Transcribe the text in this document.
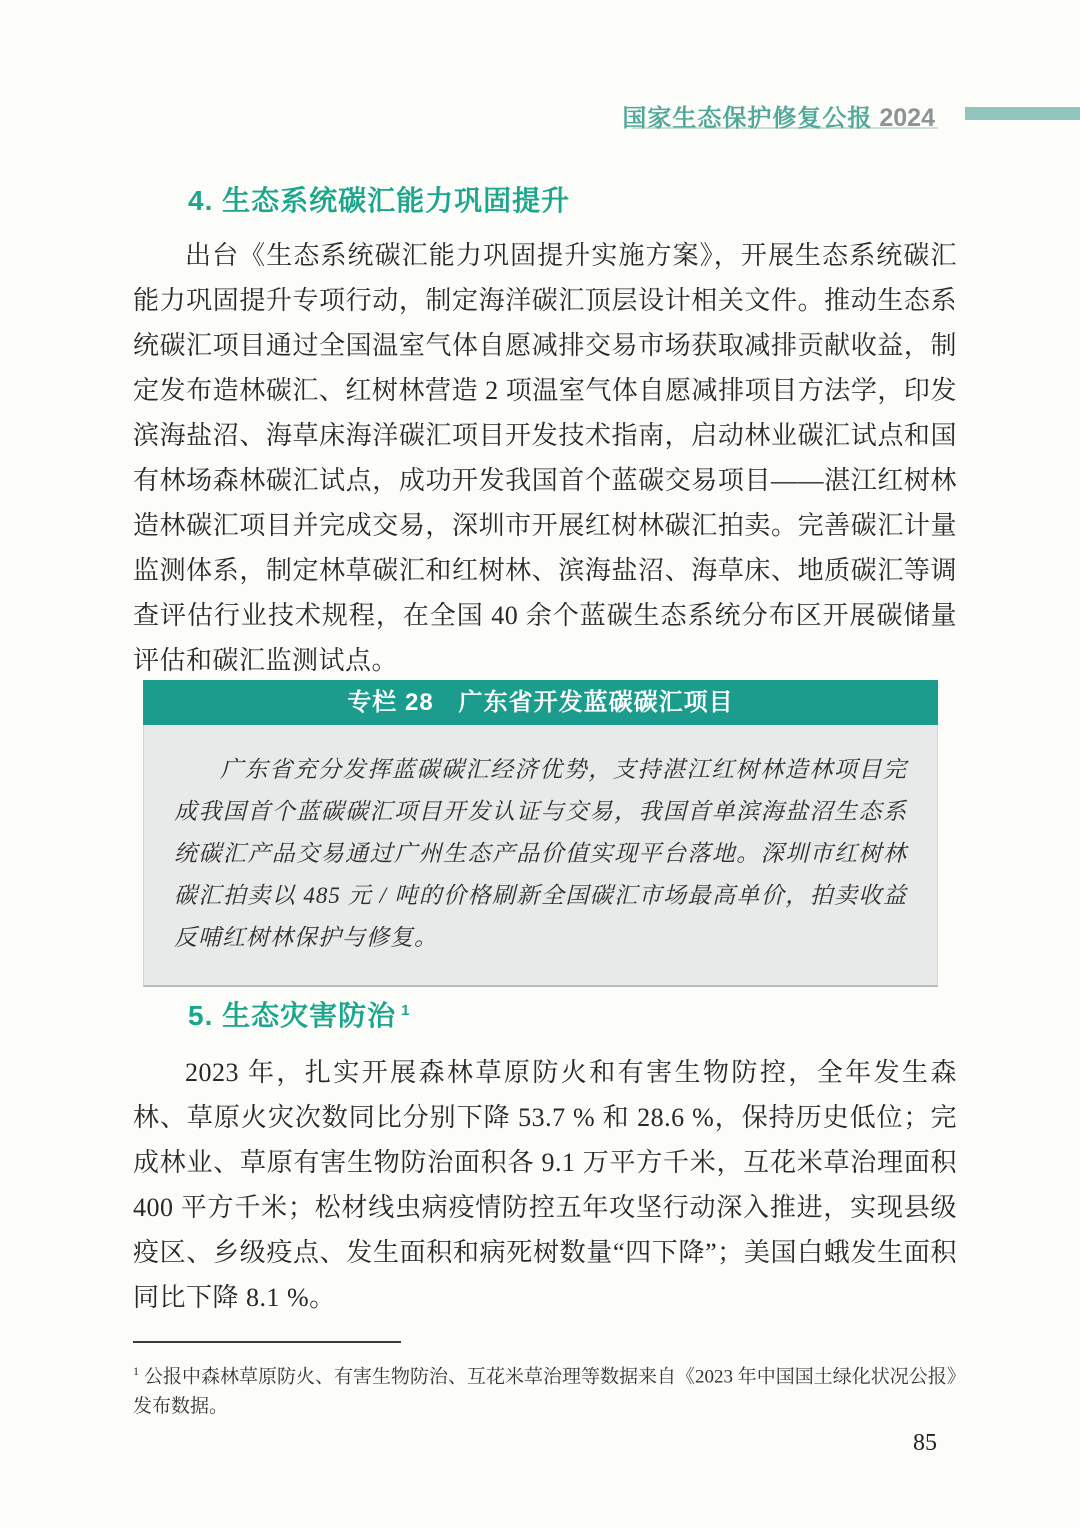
国家生态保护修复公报 2024
4. 生态系统碳汇能力巩固提升

出台《生态系统碳汇能力巩固提升实施方案》，开展生态系统碳汇能力巩固提升专项行动，制定海洋碳汇顶层设计相关文件。推动生态系统碳汇项目通过全国温室气体自愿减排交易市场获取减排贡献收益，制定发布造林碳汇、红树林营造 2 项温室气体自愿减排项目方法学，印发滨海盐沼、海草床海洋碳汇项目开发技术指南，启动林业碳汇试点和国有林场森林碳汇试点，成功开发我国首个蓝碳交易项目——湛江红树林造林碳汇项目并完成交易，深圳市开展红树林碳汇拍卖。完善碳汇计量监测体系，制定林草碳汇和红树林、滨海盐沼、海草床、地质碳汇等调查评估行业技术规程，在全国 40 余个蓝碳生态系统分布区开展碳储量评估和碳汇监测试点。

专栏 28　广东省开发蓝碳碳汇项目
广东省充分发挥蓝碳碳汇经济优势，支持湛江红树林造林项目完成我国首个蓝碳碳汇项目开发认证与交易，我国首单滨海盐沼生态系统碳汇产品交易通过广州生态产品价值实现平台落地。深圳市红树林碳汇拍卖以 485 元 / 吨的价格刷新全国碳汇市场最高单价，拍卖收益反哺红树林保护与修复。
5. 生态灾害防治 $^1$

2023 年，扎实开展森林草原防火和有害生物防控，全年发生森林、草原火灾次数同比分别下降 53.7 % 和 28.6 %，保持历史低位；完成林业、草原有害生物防治面积各 9.1 万平方千米，互花米草治理面积 400 平方千米；松材线虫病疫情防控五年攻坚行动深入推进，实现县级疫区、乡级疫点、发生面积和病死树数量“四下降”；美国白蛾发生面积同比下降 8.1 %。

$^1$ 公报中森林草原防火、有害生物防治、互花米草治理等数据来自《2023 年中国国土绿化状况公报》发布数据。

85
